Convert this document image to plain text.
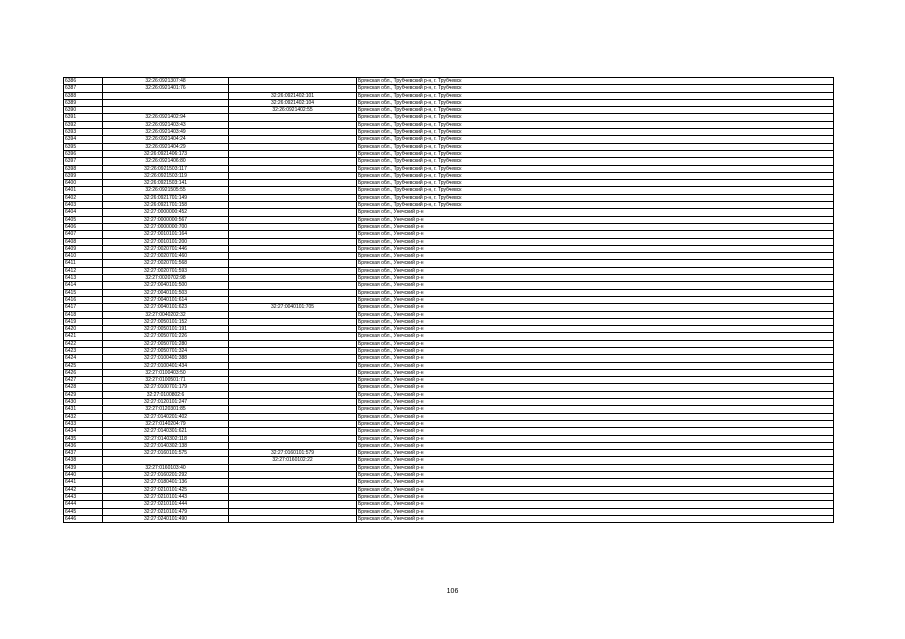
6386	32:26:0921307:48		Брянская обл., Трубчевский р-н, г. Трубчевск
6387	32:26:0921401:76		Брянская обл., Трубчевский р-н, г. Трубчевск
6388		32:26:0921402:101	Брянская обл., Трубчевский р-н, г. Трубчевск
6389		32:26:0921402:104	Брянская обл., Трубчевский р-н, г. Трубчевск
6390		32:26:0921402:55	Брянская обл., Трубчевский р-н, г. Трубчевск
6391	32:26:0921402:94		Брянская обл., Трубчевский р-н, г. Трубчевск
6392	32:26:0921403:43		Брянская обл., Трубчевский р-н, г. Трубчевск
6393	32:26:0921403:49		Брянская обл., Трубчевский р-н, г. Трубчевск
6394	32:26:0921404:24		Брянская обл., Трубчевский р-н, г. Трубчевск
6395	32:26:0921404:29		Брянская обл., Трубчевский р-н, г. Трубчевск
6396	32:26:0921406:173		Брянская обл., Трубчевский р-н, г. Трубчевск
6397	32:26:0921406:80		Брянская обл., Трубчевский р-н, г. Трубчевск
6398	32:26:0921503:117		Брянская обл., Трубчевский р-н, г. Трубчевск
6399	32:26:0921503:119		Брянская обл., Трубчевский р-н, г. Трубчевск
6400	32:26:0921503:141		Брянская обл., Трубчевский р-н, г. Трубчевск
6401	32:26:0921505:55		Брянская обл., Трубчевский р-н, г. Трубчевск
6402	32:26:0921701:149		Брянская обл., Трубчевский р-н, г. Трубчевск
6403	32:26:0921701:158		Брянская обл., Трубчевский р-н, г. Трубчевск
6404	32:27:0000000:452		Брянская обл., Унечский р-н
6405	32:27:0000000:567		Брянская обл., Унечский р-н
6406	32:27:0000000:700		Брянская обл., Унечский р-н
6407	32:27:0010101:164		Брянская обл., Унечский р-н
6408	32:27:0010101:200		Брянская обл., Унечский р-н
6409	32:27:0020701:446		Брянская обл., Унечский р-н
6410	32:27:0020701:460		Брянская обл., Унечский р-н
6411	32:27:0020701:568		Брянская обл., Унечский р-н
6412	32:27:0020701:593		Брянская обл., Унечский р-н
6413	32:27:0020702:98		Брянская обл., Унечский р-н
6414	32:27:0040101:500		Брянская обл., Унечский р-н
6415	32:27:0040101:503		Брянская обл., Унечский р-н
6416	32:27:0040101:614		Брянская обл., Унечский р-н
6417	32:27:0040101:623	32:27:0040101:705	Брянская обл., Унечский р-н
6418	32:27:0040202:32		Брянская обл., Унечский р-н
6419	32:27:0050101:152		Брянская обл., Унечский р-н
6420	32:27:0050101:191		Брянская обл., Унечский р-н
6421	32:27:0050701:226		Брянская обл., Унечский р-н
6422	32:27:0050701:280		Брянская обл., Унечский р-н
6423	32:27:0050701:324		Брянская обл., Унечский р-н
6424	32:27:0100401:388		Брянская обл., Унечский р-н
6425	32:27:0100401:434		Брянская обл., Унечский р-н
6426	32:27:0100403:50		Брянская обл., Унечский р-н
6427	32:27:0100501:71		Брянская обл., Унечский р-н
6428	32:27:0100701:179		Брянская обл., Унечский р-н
6429	32:27:0100802:6		Брянская обл., Унечский р-н
6430	32:27:0120101:247		Брянская обл., Унечский р-н
6431	32:27:0120301:85		Брянская обл., Унечский р-н
6432	32:27:0140201:402		Брянская обл., Унечский р-н
6433	32:27:0140204:79		Брянская обл., Унечский р-н
6434	32:27:0140301:621		Брянская обл., Унечский р-н
6435	32:27:0140302:118		Брянская обл., Унечский р-н
6436	32:27:0140302:138		Брянская обл., Унечский р-н
6437	32:27:0160101:575	32:27:0160101:579	Брянская обл., Унечский р-н
6438		32:27:0160102:22	Брянская обл., Унечский р-н
6439	32:27:0160103:40		Брянская обл., Унечский р-н
6440	32:27:0160201:292		Брянская обл., Унечский р-н
6441	32:27:0180401:136		Брянская обл., Унечский р-н
6442	32:27:0210101:425		Брянская обл., Унечский р-н
6443	32:27:0210101:443		Брянская обл., Унечский р-н
6444	32:27:0210101:444		Брянская обл., Унечский р-н
6445	32:27:0210101:479		Брянская обл., Унечский р-н
6446	32:27:0240101:490		Брянская обл., Унечский р-н
106
